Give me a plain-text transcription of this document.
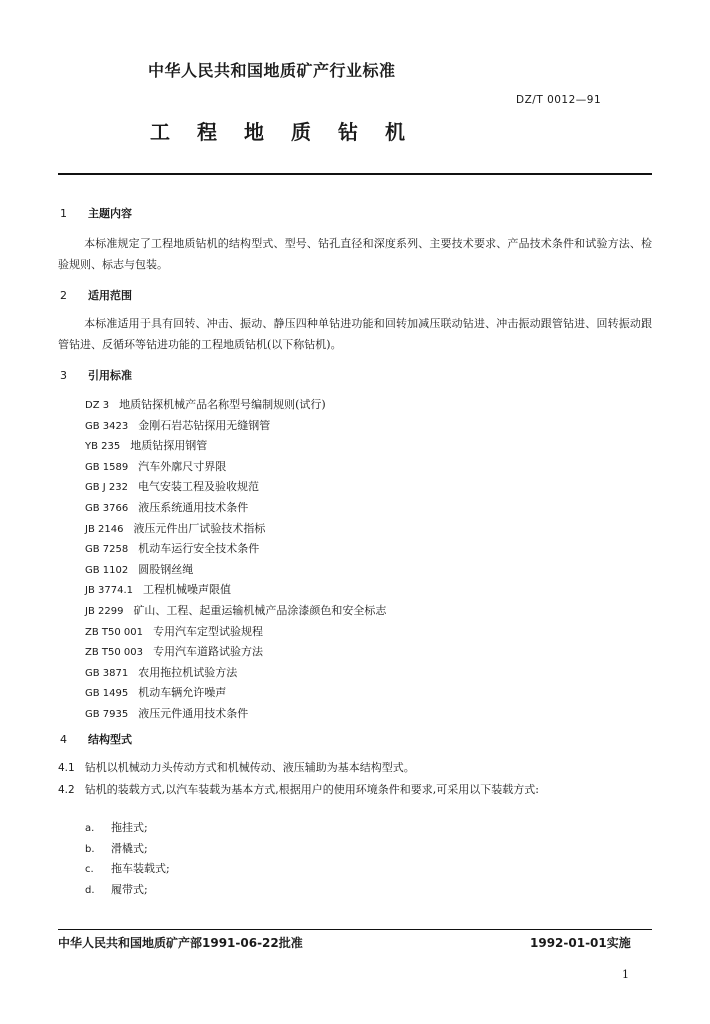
中华人民共和国地质矿产行业标准
DZ/T 0012—91
工 程 地 质 钻 机
1 主题内容
本标准规定了工程地质钻机的结构型式、型号、钻孔直径和深度系列、主要技术要求、产品技术条件和试验方法、检验规则、标志与包装。
2 适用范围
本标准适用于具有回转、冲击、振动、静压四种单钻进功能和回转加减压联动钻进、冲击振动跟管钻进、回转振动跟管钻进、反循环等钻进功能的工程地质钻机(以下称钻机)。
3 引用标准
DZ 3 地质钻探机械产品名称型号编制规则(试行)
GB 3423 金刚石岩芯钻探用无缝钢管
YB 235 地质钻探用钢管
GB 1589 汽车外廓尺寸界限
GB J 232 电气安装工程及验收规范
GB 3766 液压系统通用技术条件
JB 2146 液压元件出厂试验技术指标
GB 7258 机动车运行安全技术条件
GB 1102 圆股钢丝绳
JB 3774.1 工程机械噪声限值
JB 2299 矿山、工程、起重运输机械产品涂漆颜色和安全标志
ZB T50 001 专用汽车定型试验规程
ZB T50 003 专用汽车道路试验方法
GB 3871 农用拖拉机试验方法
GB 1495 机动车辆允许噪声
GB 7935 液压元件通用技术条件
4 结构型式
4.1 钻机以机械动力头传动方式和机械传动、液压辅助为基本结构型式。
4.2 钻机的装载方式,以汽车装载为基本方式,根据用户的使用环境条件和要求,可采用以下装载方式:
a. 拖挂式;
b. 滑橇式;
c. 拖车装载式;
d. 履带式;
中华人民共和国地质矿产部1991-06-22批准	1992-01-01实施
1
